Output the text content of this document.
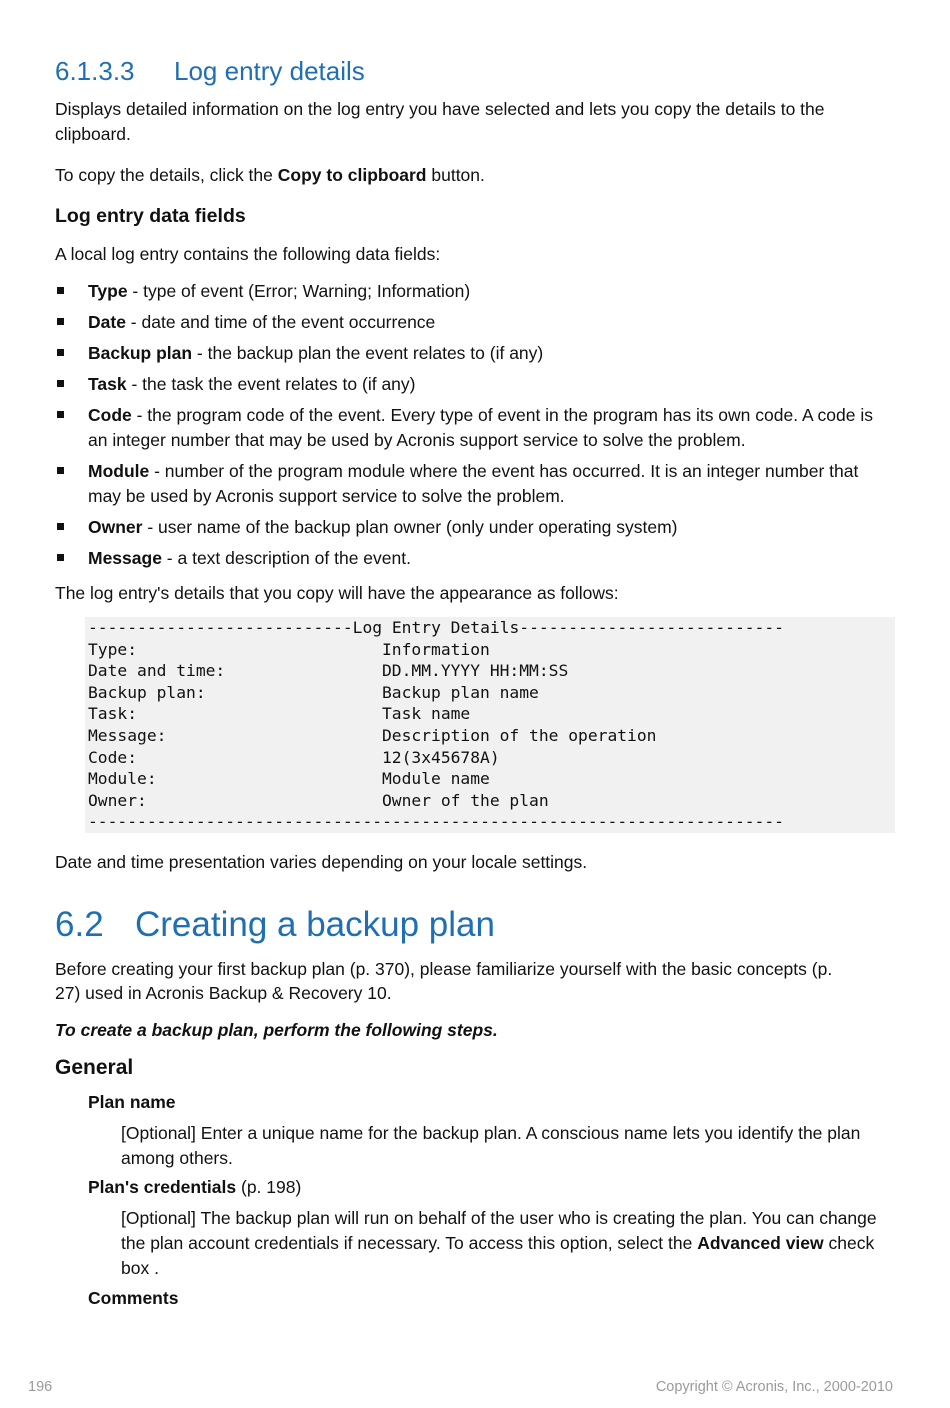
6.1.3.3 Log entry details

Displays detailed information on the log entry you have selected and lets you copy the details to the clipboard.

To copy the details, click the Copy to clipboard button.

Log entry data fields

A local log entry contains the following data fields:

Type - type of event (Error; Warning; Information)
Date - date and time of the event occurrence
Backup plan - the backup plan the event relates to (if any)
Task - the task the event relates to (if any)
Code - the program code of the event. Every type of event in the program has its own code. A code is an integer number that may be used by Acronis support service to solve the problem.
Module - number of the program module where the event has occurred. It is an integer number that may be used by Acronis support service to solve the problem.
Owner - user name of the backup plan owner (only under operating system)
Message - a text description of the event.

The log entry's details that you copy will have the appearance as follows:

---------------------------Log Entry Details---------------------------
Type:	Information
Date and time:	DD.MM.YYYY HH:MM:SS
Backup plan:	Backup plan name
Task:	Task name
Message:	Description of the operation
Code:	12(3x45678A)
Module:	Module name
Owner:	Owner of the plan
-----------------------------------------------------------------------

Date and time presentation varies depending on your locale settings.

6.2 Creating a backup plan

Before creating your first backup plan (p. 370), please familiarize yourself with the basic concepts (p.

27) used in Acronis Backup & Recovery 10.

To create a backup plan, perform the following steps.

General

Plan name

[Optional] Enter a unique name for the backup plan. A conscious name lets you identify the plan among others.

Plan's credentials (p. 198)

[Optional] The backup plan will run on behalf of the user who is creating the plan. You can change the plan account credentials if necessary. To access this option, select the Advanced view check box .

Comments

196	Copyright © Acronis, Inc., 2000-2010
